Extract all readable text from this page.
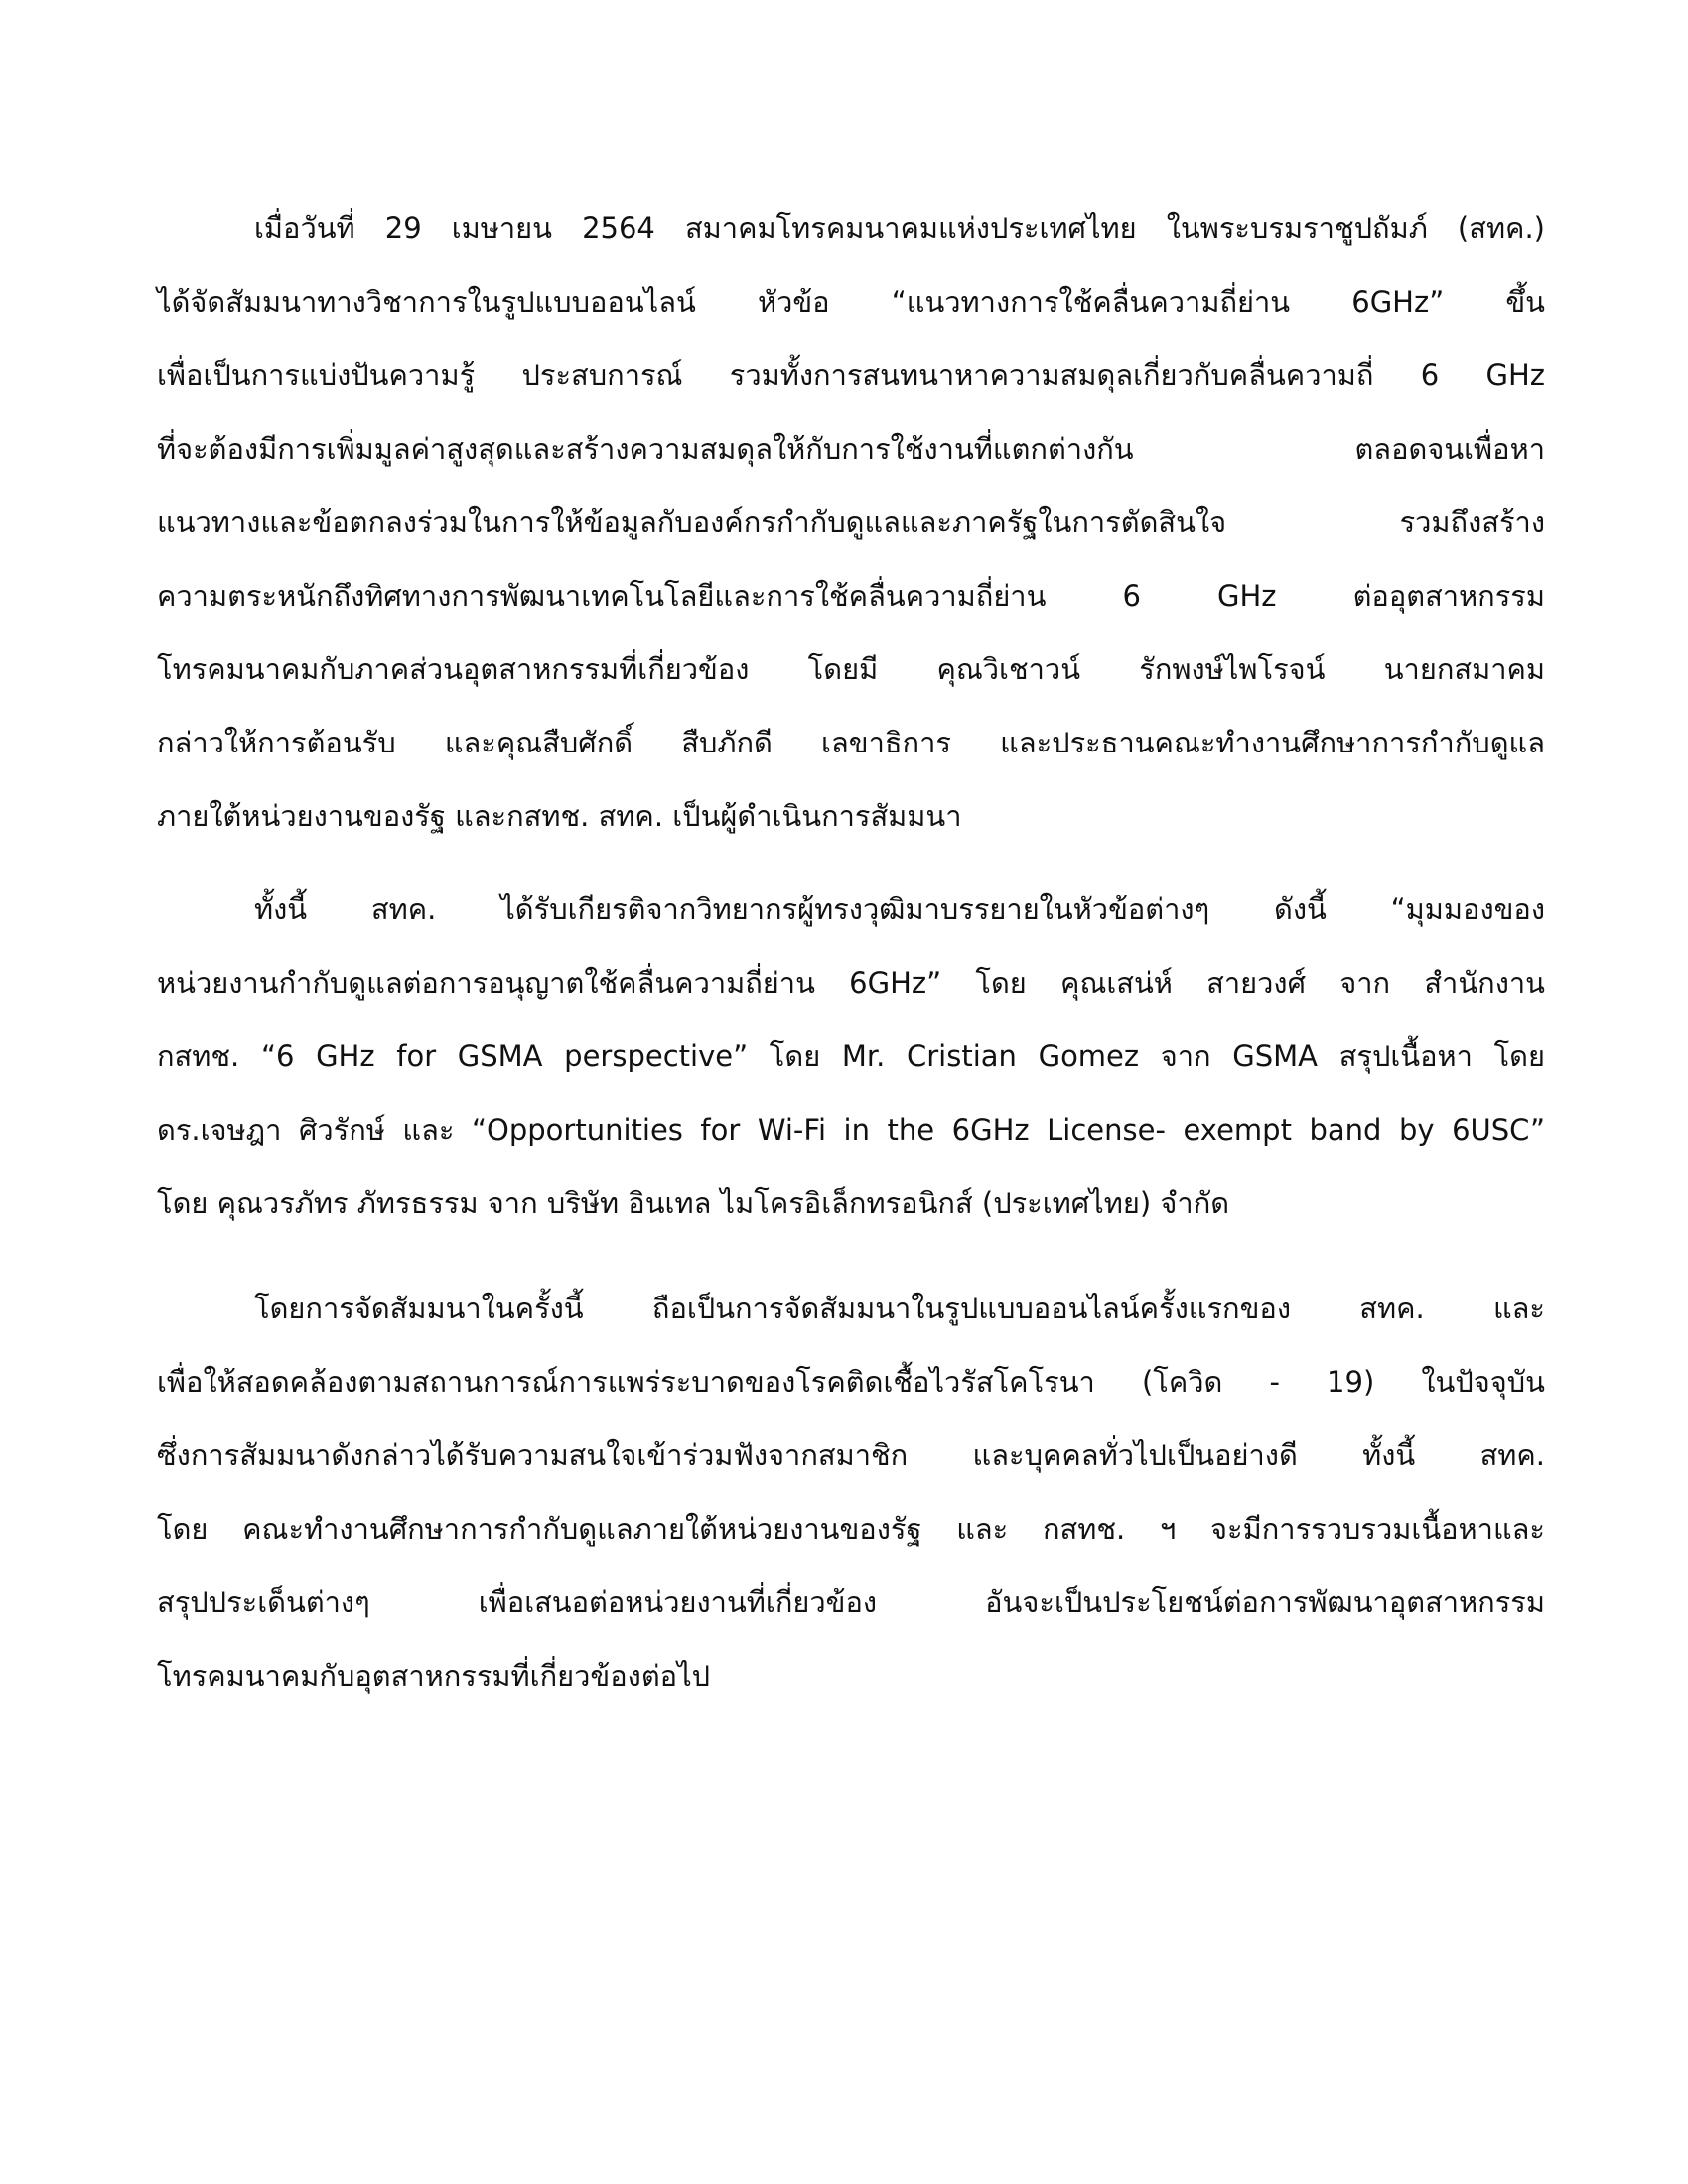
เมื่อวันที่ 29 เมษายน 2564 สมาคมโทรคมนาคมแห่งประเทศไทย ในพระบรมราชูปถัมภ์ (สทค.)
ได้จัดสัมมนาทางวิชาการในรูปแบบออนไลน์ หัวข้อ “แนวทางการใช้คลื่นความถี่ย่าน 6GHz” ขึ้น
เพื่อเป็นการแบ่งปันความรู้ ประสบการณ์ รวมทั้งการสนทนาหาความสมดุลเกี่ยวกับคลื่นความถี่ 6 GHz
ที่จะต้องมีการเพิ่มมูลค่าสูงสุดและสร้างความสมดุลให้กับการใช้งานที่แตกต่างกัน ตลอดจนเพื่อหา
แนวทางและข้อตกลงร่วมในการให้ข้อมูลกับองค์กรกำกับดูแลและภาครัฐในการตัดสินใจ รวมถึงสร้าง
ความตระหนักถึงทิศทางการพัฒนาเทคโนโลยีและการใช้คลื่นความถี่ย่าน 6 GHz ต่ออุตสาหกรรม
โทรคมนาคมกับภาคส่วนอุตสาหกรรมที่เกี่ยวข้อง โดยมี คุณวิเชาวน์ รักพงษ์ไพโรจน์ นายกสมาคม
กล่าวให้การต้อนรับ และคุณสืบศักดิ์ สืบภักดี เลขาธิการ และประธานคณะทำงานศึกษาการกำกับดูแล
ภายใต้หน่วยงานของรัฐ และกสทช. สทค. เป็นผู้ดำเนินการสัมมนา
ทั้งนี้ สทค. ได้รับเกียรติจากวิทยากรผู้ทรงวุฒิมาบรรยายในหัวข้อต่างๆ ดังนี้ “มุมมองของ
หน่วยงานกำกับดูแลต่อการอนุญาตใช้คลื่นความถี่ย่าน 6GHz” โดย คุณเสน่ห์ สายวงศ์ จาก สำนักงาน
กสทช. “6 GHz for GSMA perspective” โดย Mr. Cristian Gomez จาก GSMA สรุปเนื้อหา โดย
ดร.เจษฎา ศิวรักษ์ และ “Opportunities for Wi-Fi in the 6GHz License- exempt band by 6USC”
โดย คุณวรภัทร ภัทรธรรม จาก บริษัท อินเทล ไมโครอิเล็กทรอนิกส์ (ประเทศไทย) จำกัด
โดยการจัดสัมมนาในครั้งนี้ ถือเป็นการจัดสัมมนาในรูปแบบออนไลน์ครั้งแรกของ สทค. และ
เพื่อให้สอดคล้องตามสถานการณ์การแพร่ระบาดของโรคติดเชื้อไวรัสโคโรนา (โควิด - 19) ในปัจจุบัน
ซึ่งการสัมมนาดังกล่าวได้รับความสนใจเข้าร่วมฟังจากสมาชิก และบุคคลทั่วไปเป็นอย่างดี ทั้งนี้ สทค.
โดย คณะทำงานศึกษาการกำกับดูแลภายใต้หน่วยงานของรัฐ และ กสทช. ฯ จะมีการรวบรวมเนื้อหาและ
สรุปประเด็นต่างๆ เพื่อเสนอต่อหน่วยงานที่เกี่ยวข้อง อันจะเป็นประโยชน์ต่อการพัฒนาอุตสาหกรรม
โทรคมนาคมกับอุตสาหกรรมที่เกี่ยวข้องต่อไป
